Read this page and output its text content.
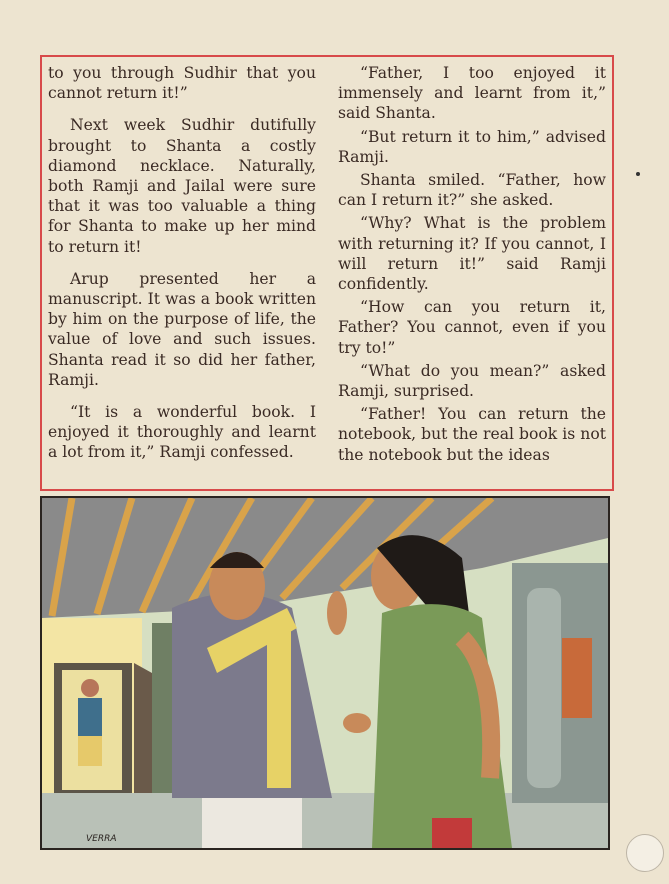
to you through Sudhir that you cannot return it!”

Next week Sudhir dutifully brought to Shanta a costly diamond necklace. Naturally, both Ramji and Jailal were sure that it was too valuable a thing for Shanta to make up her mind to return it!

Arup presented her a manuscript. It was a book written by him on the purpose of life, the value of love and such issues. Shanta read it so did her father, Ramji.

“It is a wonderful book. I enjoyed it thoroughly and learnt a lot from it,” Ramji confessed.

“Father, I too enjoyed it immensely and learnt from it,” said Shanta.

“But return it to him,” advised Ramji.

Shanta smiled. “Father, how can I return it?” she asked.

“Why? What is the problem with returning it? If you cannot, I will return it!” said Ramji confidently.

“How can you return it, Father? You cannot, even if you try to!”

“What do you mean?” asked Ramji, surprised.

“Father! You can return the notebook, but the real book is not the notebook but the ideas

VERRA
